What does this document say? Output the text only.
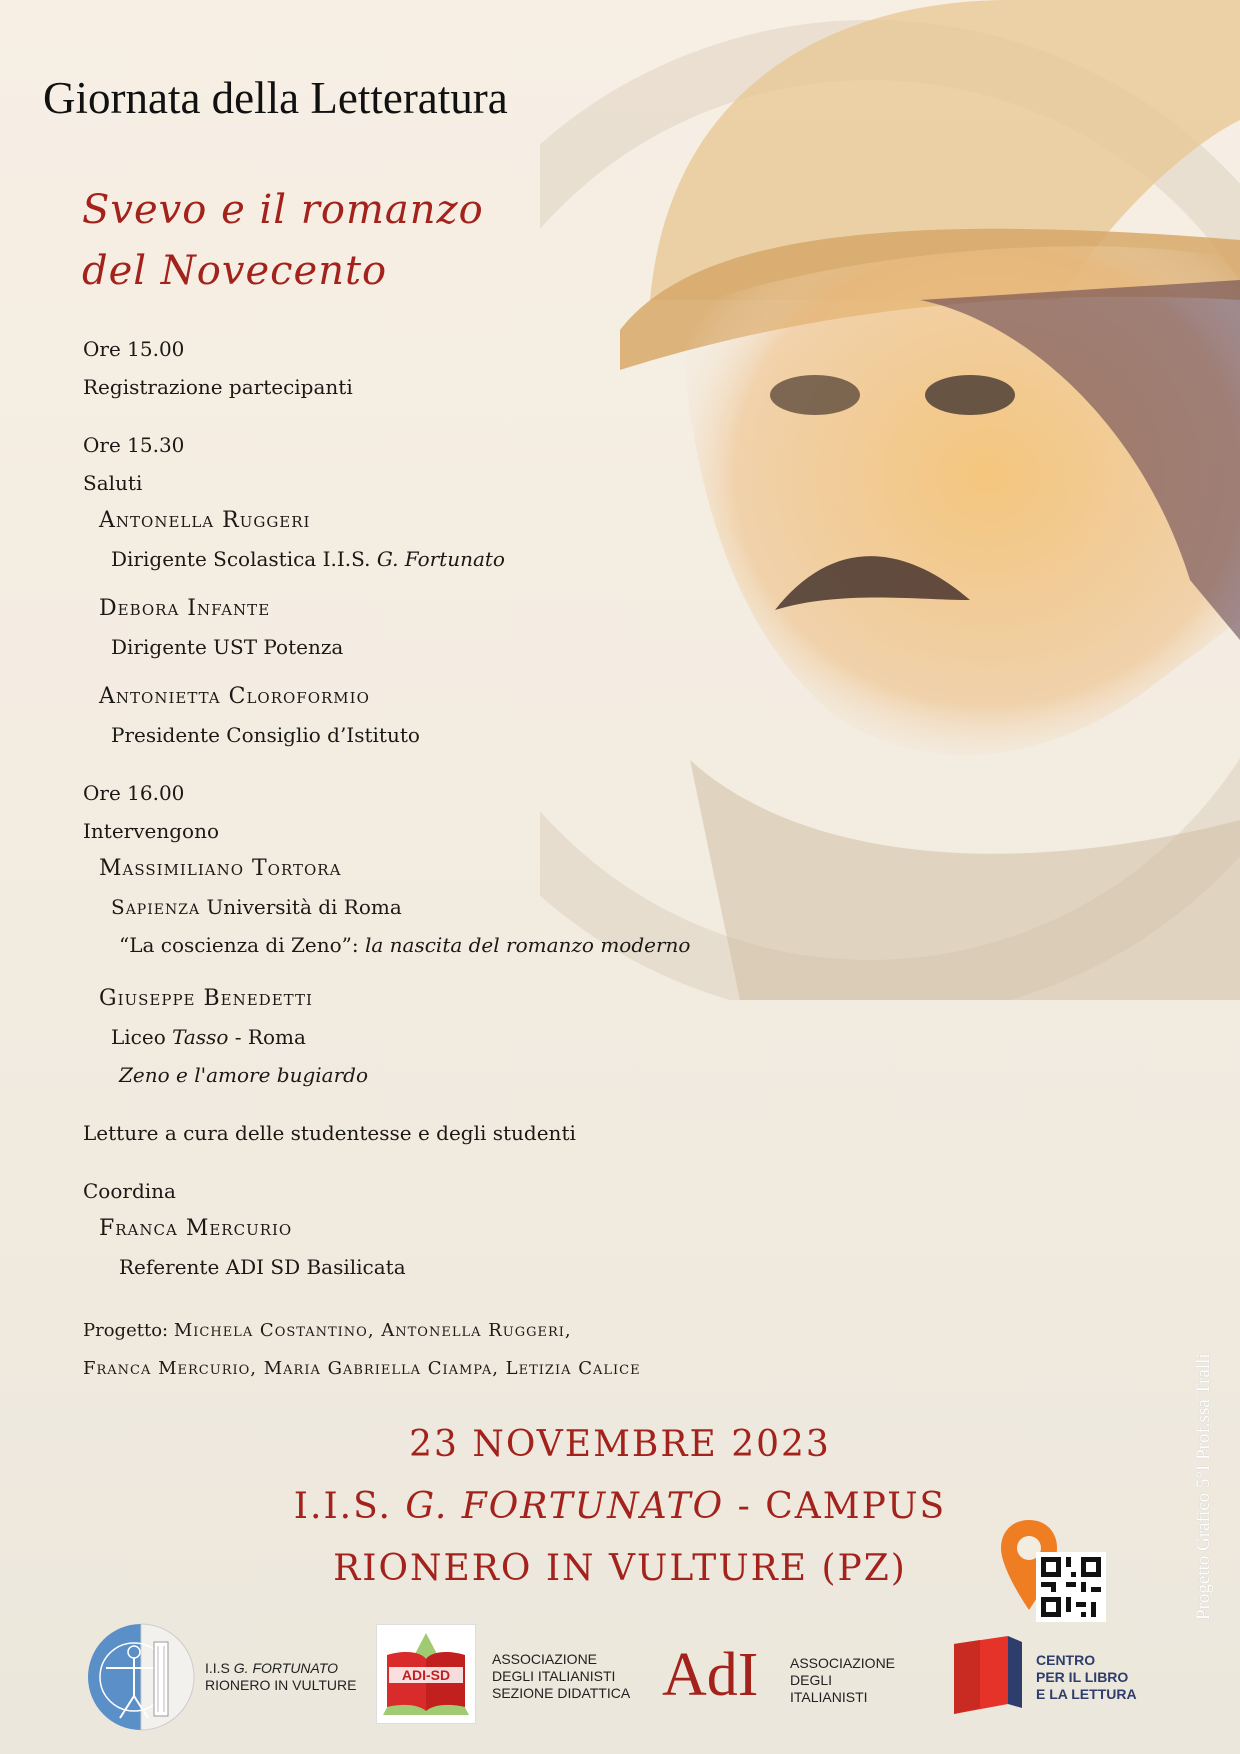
Giornata della Letteratura
Svevo e il romanzo
del Novecento
Ore 15.00
Registrazione partecipanti
Ore 15.30
Saluti
Antonella Ruggeri
Dirigente Scolastica I.I.S. G. Fortunato
Debora Infante
Dirigente UST Potenza
Antonietta Cloroformio
Presidente Consiglio d’Istituto
Ore 16.00
Intervengono
Massimiliano Tortora
Sapienza Università di Roma
“La coscienza di Zeno”: la nascita del romanzo moderno
Giuseppe Benedetti
Liceo Tasso - Roma
Zeno e l'amore bugiardo
Letture a cura delle studentesse e degli studenti
Coordina
Franca Mercurio
Referente ADI SD Basilicata
Progetto: Michela Costantino, Antonella Ruggeri,
Franca Mercurio, Maria Gabriella Ciampa, Letizia Calice
23 NOVEMBRE 2023
I.I.S. G. FORTUNATO - CAMPUS
RIONERO IN VULTURE (PZ)	Progetto Grafico 5°I Prof.ssa Tralli
I.I.S G. FORTUNATO
RIONERO IN VULTURE
ADI-SD
ASSOCIAZIONE
DEGLI ITALIANISTI
SEZIONE DIDATTICA AdI ASSOCIAZIONE
DEGLI
ITALIANISTI
CENTRO
PER IL LIBRO
E LA LETTURA
